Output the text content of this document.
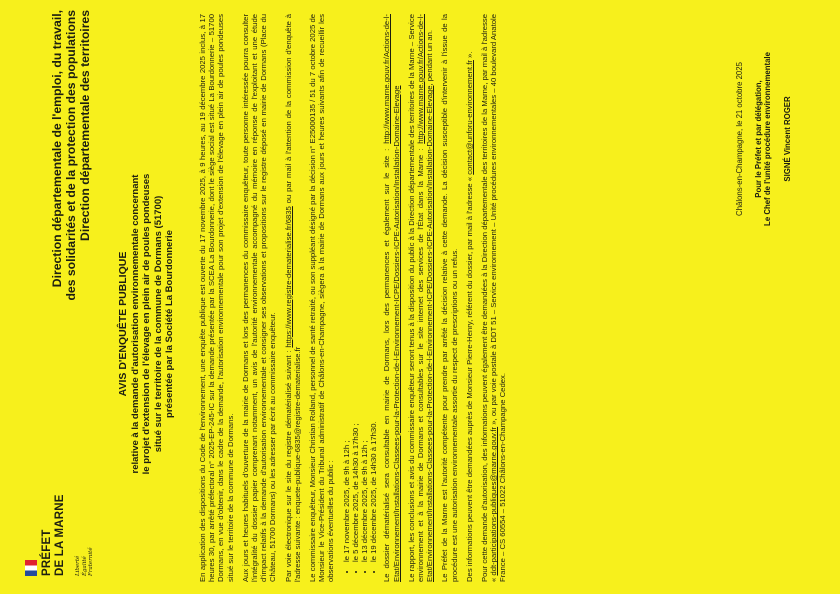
PRÉFET DE LA MARNE Liberté
Égalité
Fraternité
Direction départementale de l'emploi, du travail, des solidarités et de la protection des populations Direction départementale des territoires
AVIS D'ENQUÊTE PUBLIQUE relative à la demande d'autorisation environnementale concernant le projet d'extension de l'élevage en plein air de poules pondeuses situé sur le territoire de la commune de Dormans (51700) présentée par la Société La Bourdonnerie	En application des dispositions du Code de l'environnement, une enquête publique est ouverte du 17 novembre 2025, à 9 heures, au 19 décembre 2025 inclus, à 17 heures 30, par arrêté préfectoral n° 2025-EP-245-IC sur la demande présentée par la SCEA La Bourdonnerie, dont le siège social est situé La Bourdonnerie – 51700 Dormans, en vue d'obtenir, dans le cadre de la demande, l'autorisation environnementale pour son projet d'extension de l'élevage en plein air de poules pondeuses situé sur le territoire de la commune de Dormans. Aux jours et heures habituels d'ouverture de la mairie de Dormans et lors des permanences du commissaire enquêteur, toute personne intéressée pourra consulter l'intégralité du dossier papier comprenant notamment, un avis de l'autorité environnementale accompagné du mémoire en réponse de l'exploitant et une étude d'impact relatifs à la demande d'autorisation environnementale et consigner ses observations et propositions sur le registre déposé en mairie de Dormans (Place du Château, 51700 Dormans) ou les adresser par écrit au commissaire enquêteur. Par voie électronique sur le site du registre dématérialisé suivant : https://www.registre-dematerialise.fr/6835 ou par mail à l'attention de la commission d'enquête à l'adresse suivante : enquete-publique-6835@registre-dematerialise.fr Le commissaire enquêteur, Monsieur Christian Rolland, personnel de santé retraité, ou son suppléant désigné par la décision n° E25000135 / 51 du 7 octobre 2025 de Monsieur le Vice-Président du Tribunal administratif de Châlons-en-Champagne, siègera à la mairie de Dormans aux jours et heures suivants afin de recueillir les observations éventuelles du public : • le 17 novembre 2025, de 9h à 12h ; • le 5 décembre 2025, de 14h30 à 17h30 ; • le 13 décembre 2025, de 9h à 12h ; • le 19 décembre 2025, de 14h30 à 17h30. Le dossier dématérialisé sera consultable en mairie de Dormans, lors des permanences et également sur le site : http://www.marne.gouv.fr/Actions-de-l-Etat/Environnement/Installations-Classees-pour-la-Protection-de-l-Environnement-ICPE/Dossiers-ICPE-Autorisation/Installation-Domaine-Elevage Le rapport, les conclusions et avis du commissaire enquêteur seront tenus à la disposition du public à la Direction départementale des territoires de la Marne – Service environnement et à la mairie de Dormans et consultables sur le site internet des services de l'État dans la Marne : http://www.marne.gouv.fr/Actions-de-l-Etat/Environnement/Installations-Classees-pour-la-Protection-de-l-Environnement-ICPE/Dossiers-ICPE-Autorisation/Installation-Domaine-Elevage, pendant un an. Le Préfet de la Marne est l'autorité compétente pour prendre par arrêté la décision relative à cette demande. La décision susceptible d'intervenir à l'issue de la procédure est une autorisation environnementale assortie du respect de prescriptions ou un refus. Des informations peuvent être demandées auprès de Monsieur Pierre-Henry, référent du dossier, par mail à l'adresse « contact@unforu-environnement.fr ». Pour cette demande d'autorisation, des informations peuvent également être demandées à la Direction départementale des territoires de la Marne, par mail à l'adresse « ddt-participations-publiques@marne.gouv.fr », ou par voie postale à DDT 51 – Service environnement – Unité procédures environnementales – 40 boulevard Anatole France – CS 60554 – 51022 Châlons-en-Champagne Cedex.

Châlons-en-Champagne, le 21 octobre 2025 Pour le Préfet et par délégation, Le Chef de l'unité procédure environnementale SIGNÉ Vincent ROGER
